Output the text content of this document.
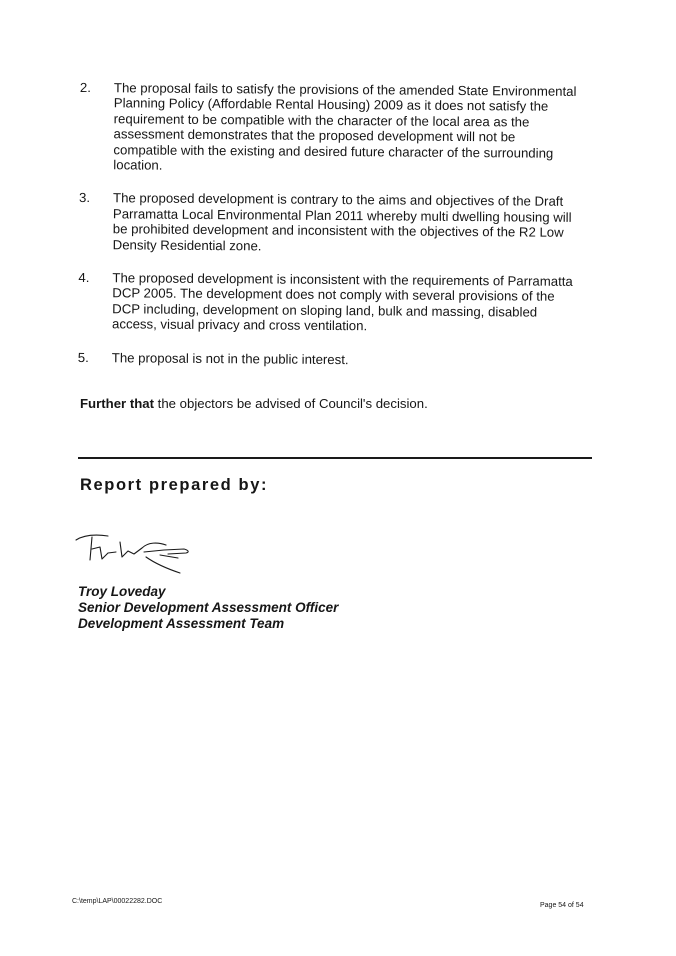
2.	The proposal fails to satisfy the provisions of the amended State Environmental
Planning Policy (Affordable Rental Housing) 2009 as it does not satisfy the
requirement to be compatible with the character of the local area as the
assessment demonstrates that the proposed development will not be
compatible with the existing and desired future character of the surrounding
location.
3.	The proposed development is contrary to the aims and objectives of the Draft
Parramatta Local Environmental Plan 2011 whereby multi dwelling housing will
be prohibited development and inconsistent with the objectives of the R2 Low
Density Residential zone.
4.	The proposed development is inconsistent with the requirements of Parramatta
DCP 2005. The development does not comply with several provisions of the
DCP including, development on sloping land, bulk and massing, disabled
access, visual privacy and cross ventilation.
5.	The proposal is not in the public interest.
Further that the objectors be advised of Council's decision.
Report prepared by:
Troy Loveday
Senior Development Assessment Officer
Development Assessment Team
C:\temp\LAP\00022282.DOC
Page 54 of 54
